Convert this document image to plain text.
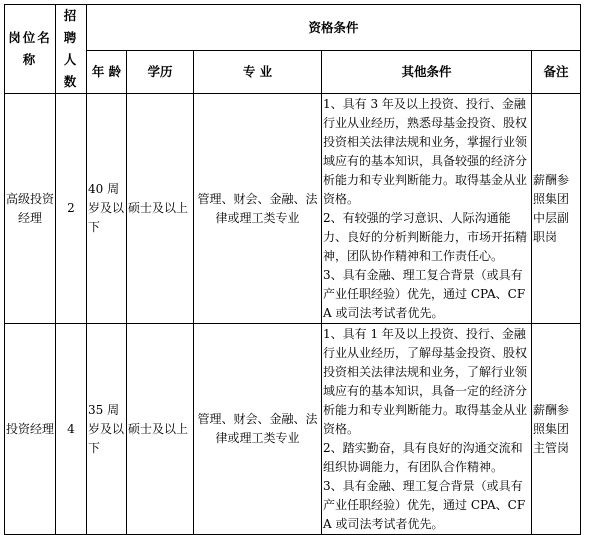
岗位名称	招聘人数	资格条件				
		年 龄	学历	专 业	其他条件	备注
高级投资经理	2	40 周岁及以下	硕士及以上	管理、财会、金融、法律或理工类专业	1、具有 3 年及以上投资、投行、金融行业从业经历，熟悉母基金投资、股权投资相关法律法规和业务，掌握行业领域应有的基本知识，具备较强的经济分析能力和专业判断能力。取得基金从业资格。
2、有较强的学习意识、人际沟通能力、良好的分析判断能力，市场开拓精神，团队协作精神和工作责任心。
3、具有金融、理工复合背景（或具有产业任职经验）优先，通过 CPA、CFA 或司法考试者优先。	薪酬参照集团中层副职岗
投资经理	4	35 周岁及以下	硕士及以上	管理、财会、金融、法律或理工类专业	1、具有 1 年及以上投资、投行、金融行业从业经历，了解母基金投资、股权投资相关法律法规和业务，了解行业领域应有的基本知识，具备一定的经济分析能力和专业判断能力。取得基金从业资格。
2、踏实勤奋，具有良好的沟通交流和组织协调能力，有团队合作精神。
3、具有金融、理工复合背景（或具有产业任职经验）优先，通过 CPA、CFA 或司法考试者优先。	薪酬参照集团主管岗
